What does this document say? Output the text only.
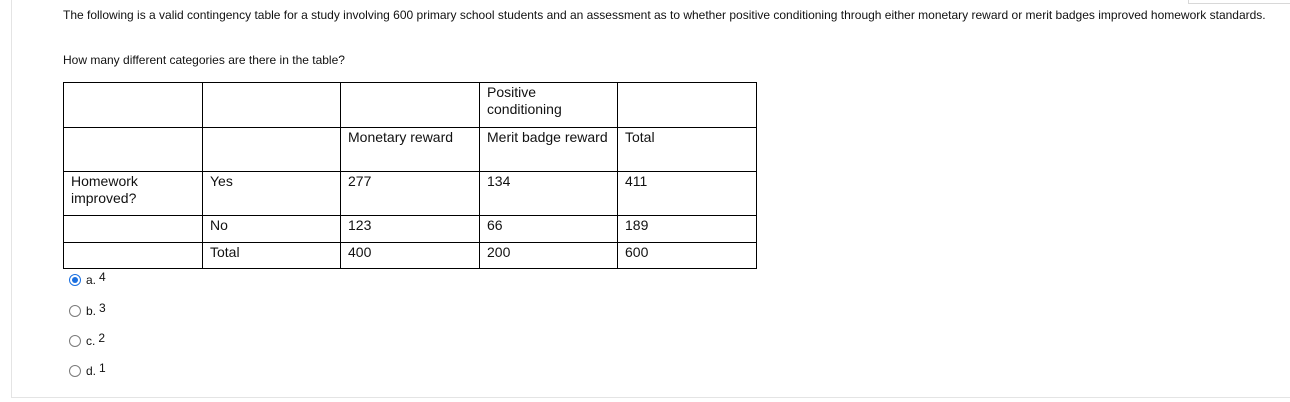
The following is a valid contingency table for a study involving 600 primary school students and an assessment as to whether positive conditioning through either monetary reward or merit badges improved homework standards.

How many different categories are there in the table?

			Positive conditioning	
		Monetary reward	Merit badge reward	Total
Homework improved?	Yes	277	134	411
	No	123	66	189
	Total	400	200	600
a. 4
b. 3
c. 2
d. 1
